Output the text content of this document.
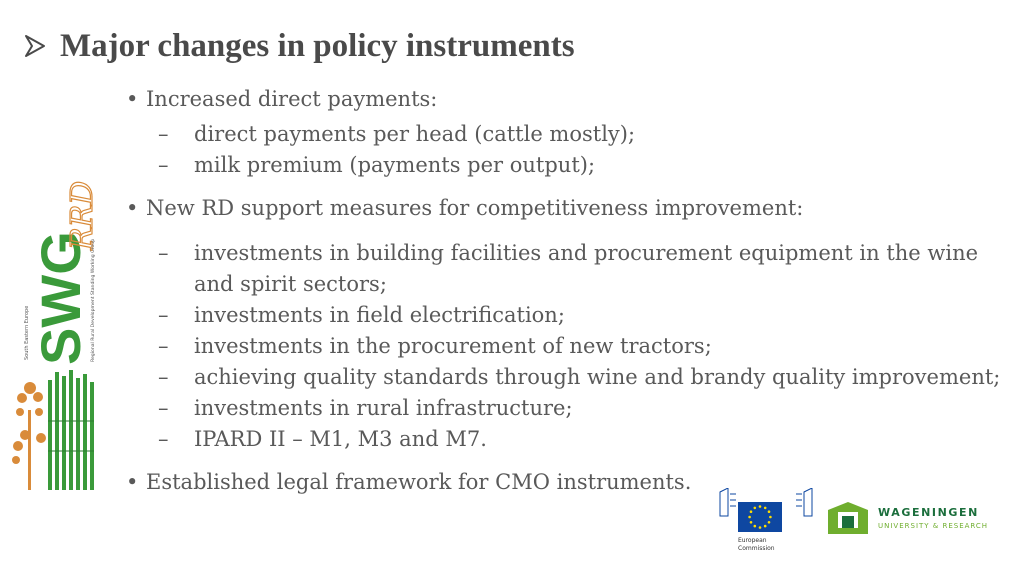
Major changes in policy instruments
• Increased direct payments:
– direct payments per head (cattle mostly);
– milk premium (payments per output);
• New RD support measures for competitiveness improvement:
– investments in building facilities and procurement equipment in the wine and spirit sectors;
– investments in field electrification;
– investments in the procurement of new tractors;
– achieving quality standards through wine and brandy quality improvement;
– investments in rural infrastructure;
– IPARD II – M1, M3 and M7.
• Established legal framework for CMO instruments.
SWG
RRD
South Eastern Europe	Regional Rural Development Standing Working Group
European
Commission
WAGENINGEN
UNIVERSITY & RESEARCH
